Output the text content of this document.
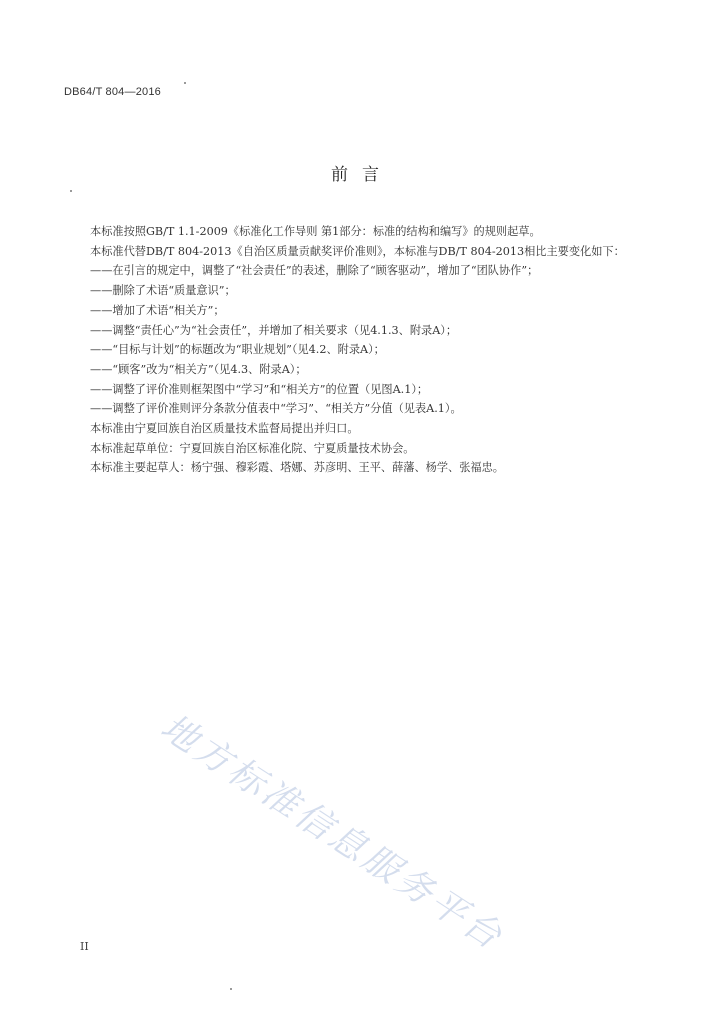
DB64/T 804—2016
前言

本标准按照GB/T 1.1-2009《标准化工作导则 第1部分：标准的结构和编写》的规则起草。

本标准代替DB/T 804-2013《自治区质量贡献奖评价准则》，本标准与DB/T 804-2013相比主要变化如下：

——在引言的规定中，调整了“社会责任”的表述，删除了“顾客驱动”，增加了“团队协作”；

——删除了术语“质量意识”；

——增加了术语“相关方”；

——调整“责任心”为“社会责任”，并增加了相关要求（见4.1.3、附录A）；

——“目标与计划”的标题改为“职业规划”（见4.2、附录A）；

——“顾客”改为“相关方”（见4.3、附录A）；

——调整了评价准则框架图中“学习”和“相关方”的位置（见图A.1）；

——调整了评价准则评分条款分值表中“学习”、“相关方”分值（见表A.1）。

本标准由宁夏回族自治区质量技术监督局提出并归口。

本标准起草单位：宁夏回族自治区标准化院、宁夏质量技术协会。

本标准主要起草人：杨宁强、穆彩霞、塔娜、苏彦明、王平、薛藩、杨学、张福忠。

地方标准信息服务平台
II
